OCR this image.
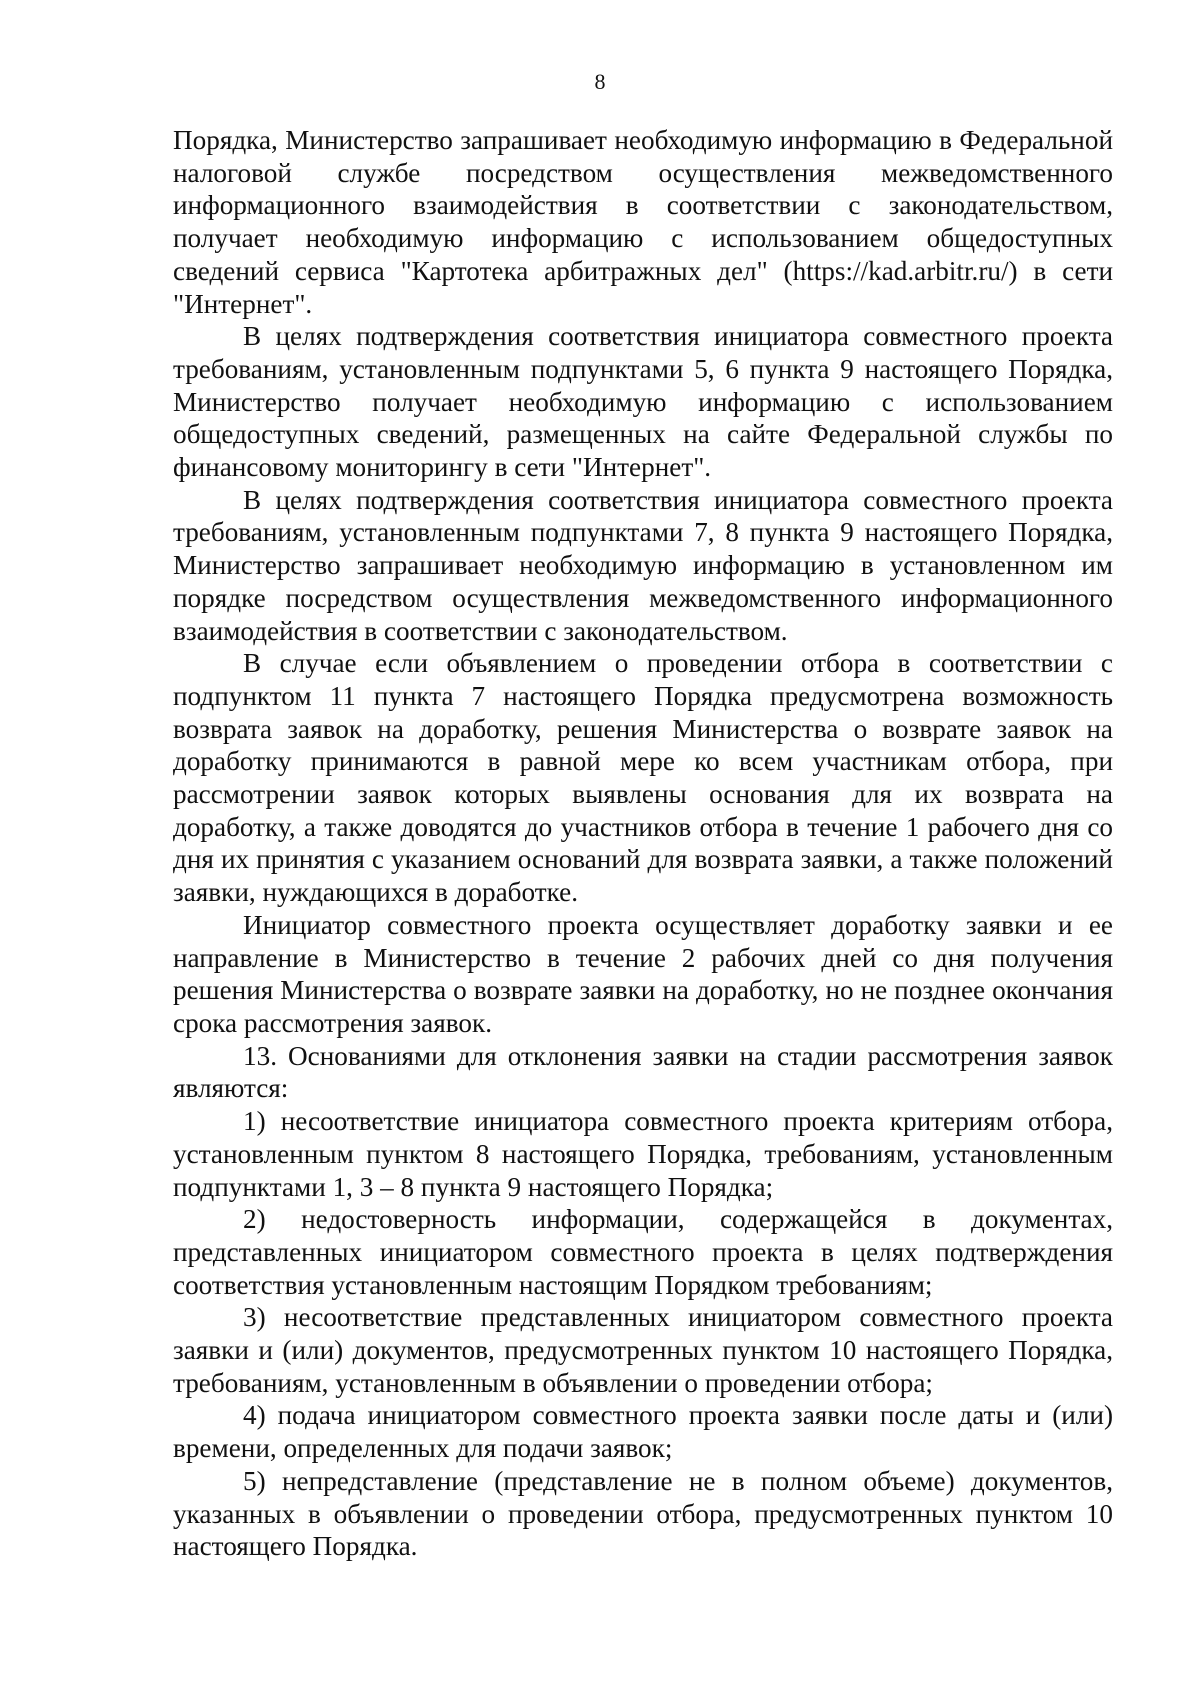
8

Порядка, Министерство запрашивает необходимую информацию в Федеральной налоговой службе посредством осуществления межведомственного информационного взаимодействия в соответствии с законодательством, получает необходимую информацию с использованием общедоступных сведений сервиса "Картотека арбитражных дел" (https://kad.arbitr.ru/) в сети "Интернет".

В целях подтверждения соответствия инициатора совместного проекта требованиям, установленным подпунктами 5, 6 пункта 9 настоящего Порядка, Министерство получает необходимую информацию с использованием общедоступных сведений, размещенных на сайте Федеральной службы по финансовому мониторингу в сети "Интернет".

В целях подтверждения соответствия инициатора совместного проекта требованиям, установленным подпунктами 7, 8 пункта 9 настоящего Порядка, Министерство запрашивает необходимую информацию в установленном им порядке посредством осуществления межведомственного информационного взаимодействия в соответствии с законодательством.

В случае если объявлением о проведении отбора в соответствии с подпунктом 11 пункта 7 настоящего Порядка предусмотрена возможность возврата заявок на доработку, решения Министерства о возврате заявок на доработку принимаются в равной мере ко всем участникам отбора, при рассмотрении заявок которых выявлены основания для их возврата на доработку, а также доводятся до участников отбора в течение 1 рабочего дня со дня их принятия с указанием оснований для возврата заявки, а также положений заявки, нуждающихся в доработке.

Инициатор совместного проекта осуществляет доработку заявки и ее направление в Министерство в течение 2 рабочих дней со дня получения решения Министерства о возврате заявки на доработку, но не позднее окончания срока рассмотрения заявок.

13. Основаниями для отклонения заявки на стадии рассмотрения заявок являются:

1) несоответствие инициатора совместного проекта критериям отбора, установленным пунктом 8 настоящего Порядка, требованиям, установленным подпунктами 1, 3 – 8 пункта 9 настоящего Порядка;

2) недостоверность информации, содержащейся в документах, представленных инициатором совместного проекта в целях подтверждения соответствия установленным настоящим Порядком требованиям;

3) несоответствие представленных инициатором совместного проекта заявки и (или) документов, предусмотренных пунктом 10 настоящего Порядка, требованиям, установленным в объявлении о проведении отбора;

4) подача инициатором совместного проекта заявки после даты и (или) времени, определенных для подачи заявок;

5) непредставление (представление не в полном объеме) документов, указанных в объявлении о проведении отбора, предусмотренных пунктом 10 настоящего Порядка.
